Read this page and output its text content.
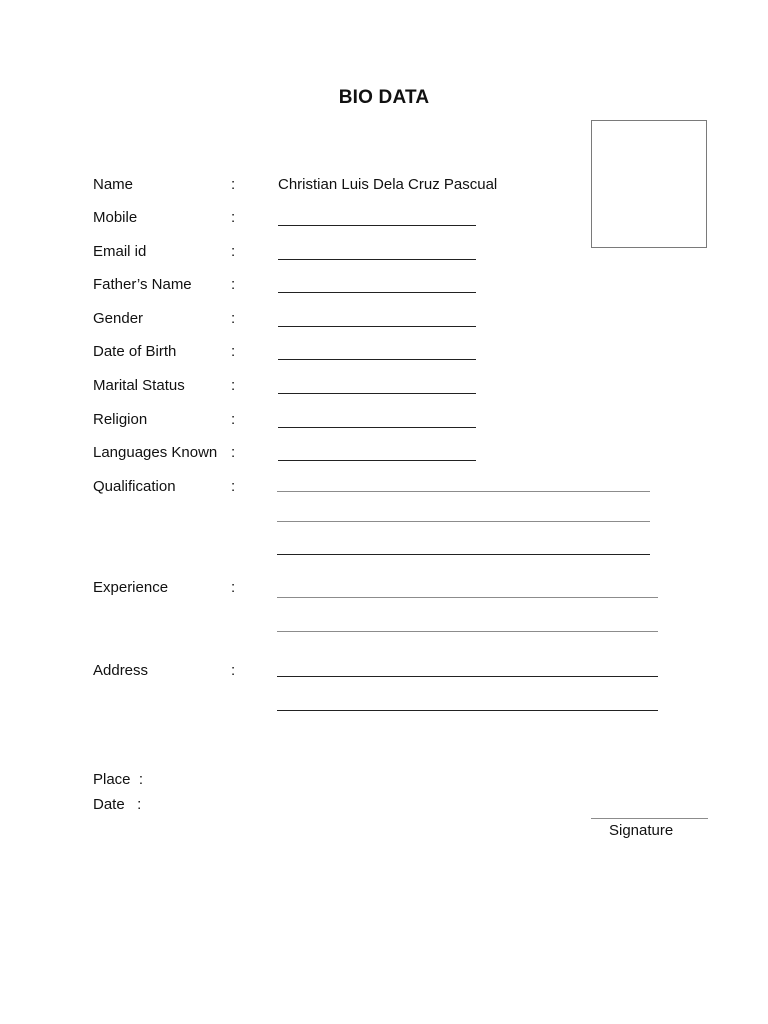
BIO DATA
Name	:	Christian Luis Dela Cruz Pascual
Mobile	:
Email id	:
Father’s Name	:
Gender	:
Date of Birth	:
Marital Status	:
Religion	:
Languages Known :
Qualification	:
Experience	:
Address	:
Place  :
Date   :
Signature
